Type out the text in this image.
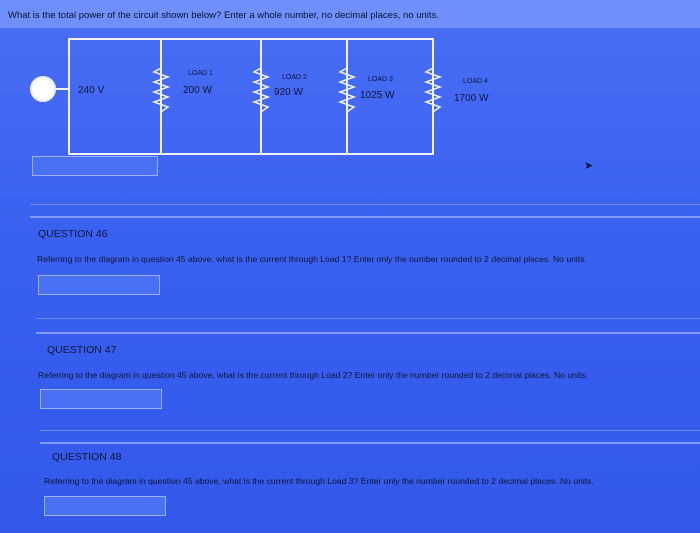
What is the total power of the circuit shown below? Enter a whole number, no decimal places, no units.
240 V
LOAD 1
200 W
LOAD 2
920 W
LOAD 3
1025 W
LOAD 4
1700 W
➤
QUESTION 46
Referring to the diagram in question 45 above, what is the current through Load 1? Enter only the number rounded to 2 decimal places. No units.
QUESTION 47
Referring to the diagram in question 45 above, what is the current through Load 2? Enter only the number rounded to 2 decimal places. No units.
QUESTION 48
Referring to the diagram in question 45 above, what is the current through Load 3? Enter only the number rounded to 2 decimal places. No units.
